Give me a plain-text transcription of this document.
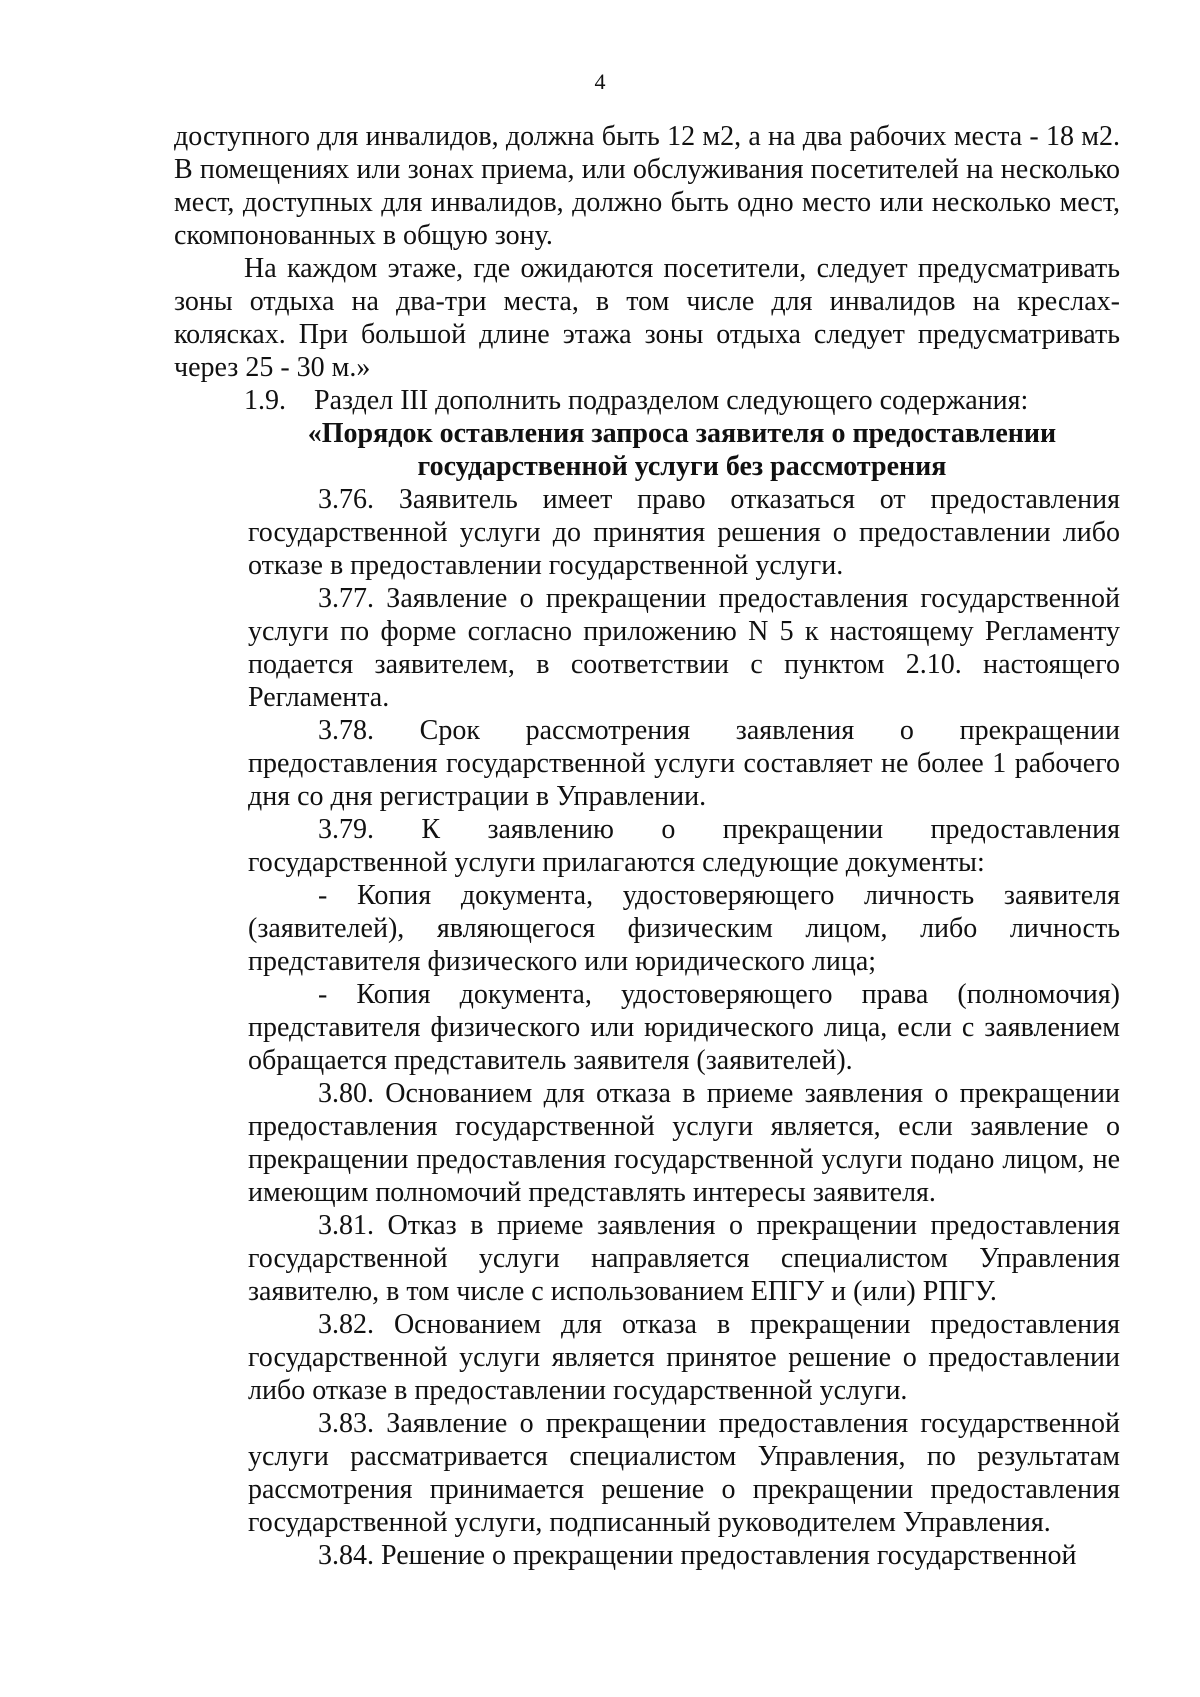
4

доступного для инвалидов, должна быть 12 м2, а на два рабочих места - 18 м2. В помещениях или зонах приема, или обслуживания посетителей на несколько мест, доступных для инвалидов, должно быть одно место или несколько мест, скомпонованных в общую зону.

На каждом этаже, где ожидаются посетители, следует предусматривать зоны отдыха на два-три места, в том числе для инвалидов на креслах-колясках. При большой длине этажа зоны отдыха следует предусматривать через 25 - 30 м.»

1.9. Раздел III дополнить подразделом следующего содержания:

«Порядок оставления запроса заявителя о предоставлении
государственной услуги без рассмотрения

3.76. Заявитель имеет право отказаться от предоставления государственной услуги до принятия решения о предоставлении либо отказе в предоставлении государственной услуги.

3.77. Заявление о прекращении предоставления государственной услуги по форме согласно приложению N 5 к настоящему Регламенту подается заявителем, в соответствии с пунктом 2.10. настоящего Регламента.

3.78. Срок рассмотрения заявления о прекращении предоставления государственной услуги составляет не более 1 рабочего дня со дня регистрации в Управлении.

3.79. К заявлению о прекращении предоставления государственной услуги прилагаются следующие документы:

- Копия документа, удостоверяющего личность заявителя (заявителей), являющегося физическим лицом, либо личность представителя физического или юридического лица;

- Копия документа, удостоверяющего права (полномочия) представителя физического или юридического лица, если с заявлением обращается представитель заявителя (заявителей).

3.80. Основанием для отказа в приеме заявления о прекращении предоставления государственной услуги является, если заявление о прекращении предоставления государственной услуги подано лицом, не имеющим полномочий представлять интересы заявителя.

3.81. Отказ в приеме заявления о прекращении предоставления государственной услуги направляется специалистом Управления заявителю, в том числе с использованием ЕПГУ и (или) РПГУ.

3.82. Основанием для отказа в прекращении предоставления государственной услуги является принятое решение о предоставлении либо отказе в предоставлении государственной услуги.

3.83. Заявление о прекращении предоставления государственной услуги рассматривается специалистом Управления, по результатам рассмотрения принимается решение о прекращении предоставления государственной услуги, подписанный руководителем Управления.

3.84. Решение о прекращении предоставления государственной
